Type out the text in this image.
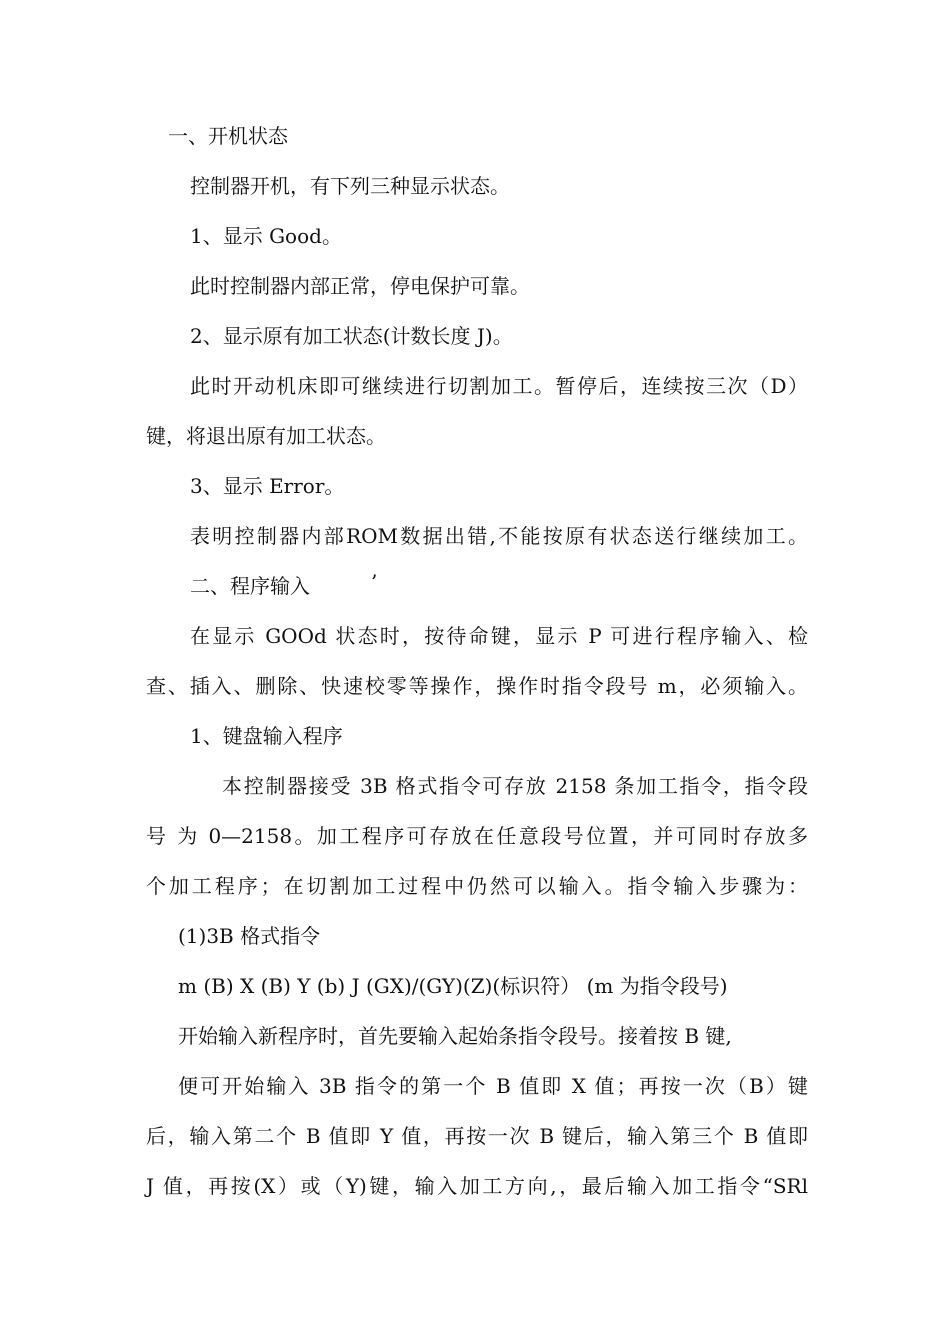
一、开机状态
控制器开机，有下列三种显示状态。
1、显示 Good。
此时控制器内部正常，停电保护可靠。
2、显示原有加工状态(计数长度 J)。
此时开动机床即可继续进行切割加工。暂停后，连续按三次（D）
键，将退出原有加工状态。
3、显示 Error。
表明控制器内部ROM数据出错,不能按原有状态送行继续加工。
二、程序输入	’
在显示 GOOd 状态时，按待命键，显示 P 可进行程序输入、检
查、插入、删除、快速校零等操作，操作时指令段号 m，必须输入。
1、键盘输入程序
本控制器接受 3B 格式指令可存放 2158 条加工指令，指令段
号 为 0—2158。加工程序可存放在任意段号位置，并可同时存放多
个加工程序；在切割加工过程中仍然可以输入。指令输入步骤为：
(1)3B 格式指令
m (B) X (B) Y (b) J (GX)/(GY)(Z)(标识符） (m 为指令段号)
开始输入新程序时，首先要输入起始条指令段号。接着按 B 键,
便可开始输入 3B 指令的第一个 B 值即 X 值；再按一次（B）键
后，输入第二个 B 值即 Y 值，再按一次 B 键后，输入第三个 B 值即
J 值，再按(X）或（Y)键，输入加工方向,，最后输入加工指令“SRl
